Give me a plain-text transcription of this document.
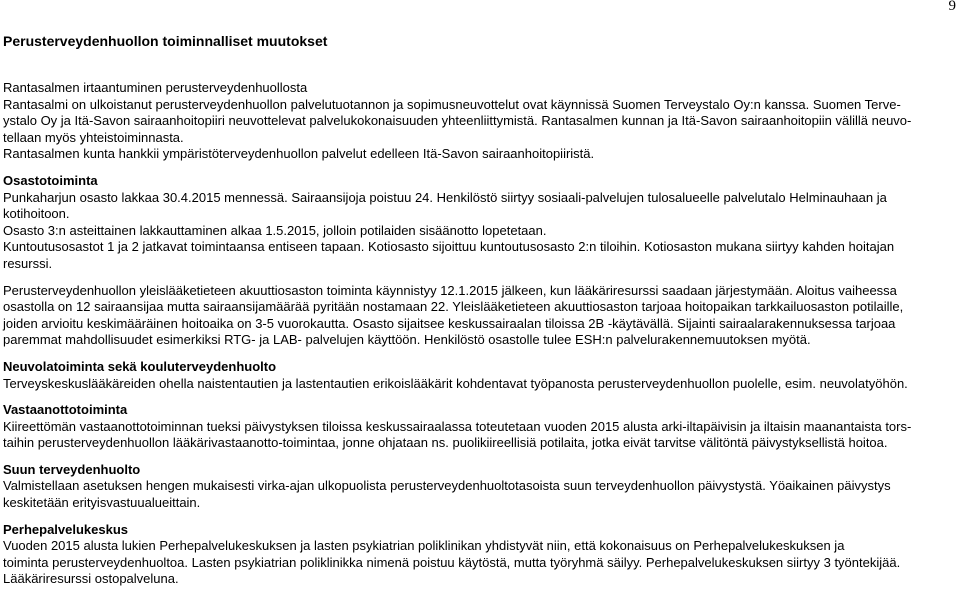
9
Perusterveydenhuollon toiminnalliset muutokset

Rantasalmen irtaantuminen perusterveydenhuollosta

Rantasalmi on ulkoistanut perusterveydenhuollon palvelutuotannon ja sopimusneuvottelut ovat käynnissä Suomen Terveystalo Oy:n kanssa. Suomen Terve-

ystalo Oy ja Itä-Savon sairaanhoitopiiri neuvottelevat palvelukokonaisuuden yhteenliittymistä. Rantasalmen kunnan ja Itä-Savon sairaanhoitopiin välillä neuvo-

tellaan myös yhteistoiminnasta.

Rantasalmen kunta hankkii ympäristöterveydenhuollon palvelut edelleen Itä-Savon sairaanhoitopiiristä.

Osastotoiminta

Punkaharjun osasto lakkaa 30.4.2015 mennessä. Sairaansijoja poistuu 24. Henkilöstö siirtyy sosiaali-palvelujen tulosalueelle palvelutalo Helminauhaan ja

kotihoitoon.

Osasto 3:n asteittainen lakkauttaminen alkaa 1.5.2015, jolloin potilaiden sisäänotto lopetetaan.

Kuntoutusosastot 1 ja 2 jatkavat toimintaansa entiseen tapaan. Kotiosasto sijoittuu kuntoutusosasto 2:n tiloihin. Kotiosaston mukana siirtyy kahden hoitajan

resurssi.

Perusterveydenhuollon yleislääketieteen akuuttiosaston toiminta käynnistyy 12.1.2015 jälkeen, kun lääkäriresurssi saadaan järjestymään. Aloitus vaiheessa

osastolla on 12 sairaansijaa mutta sairaansijamäärää pyritään nostamaan 22. Yleislääketieteen akuuttiosaston tarjoaa hoitopaikan tarkkailuosaston potilaille,

joiden arvioitu keskimääräinen hoitoaika on 3-5 vuorokautta. Osasto sijaitsee keskussairaalan tiloissa 2B -käytävällä. Sijainti sairaalarakennuksessa tarjoaa

paremmat mahdollisuudet esimerkiksi RTG- ja LAB- palvelujen käyttöön. Henkilöstö osastolle tulee ESH:n palvelurakennemuutoksen myötä.

Neuvolatoiminta sekä kouluterveydenhuolto

Terveyskeskuslääkäreiden ohella naistentautien ja lastentautien erikoislääkärit kohdentavat työpanosta perusterveydenhuollon puolelle, esim. neuvolatyöhön.

Vastaanottotoiminta

Kiireettömän vastaanottotoiminnan tueksi päivystyksen tiloissa keskussairaalassa toteutetaan vuoden 2015 alusta arki-iltapäivisin ja iltaisin maanantaista tors-

taihin perusterveydenhuollon lääkärivastaanotto-toimintaa, jonne ohjataan ns. puolikiireellisiä potilaita, jotka eivät tarvitse välitöntä päivystyksellistä hoitoa.

Suun terveydenhuolto

Valmistellaan asetuksen hengen mukaisesti virka-ajan ulkopuolista perusterveydenhuoltotasoista suun terveydenhuollon päivystystä. Yöaikainen päivystys

keskitetään erityisvastuualueittain.

Perhepalvelukeskus

Vuoden 2015 alusta lukien Perhepalvelukeskuksen ja lasten psykiatrian poliklinikan yhdistyvät niin, että kokonaisuus on Perhepalvelukeskuksen ja

toiminta perusterveydenhuoltoa. Lasten psykiatrian poliklinikka nimenä poistuu käytöstä, mutta työryhmä säilyy. Perhepalvelukeskuksen siirtyy 3 työntekijää.

Lääkäriresurssi ostopalveluna.
